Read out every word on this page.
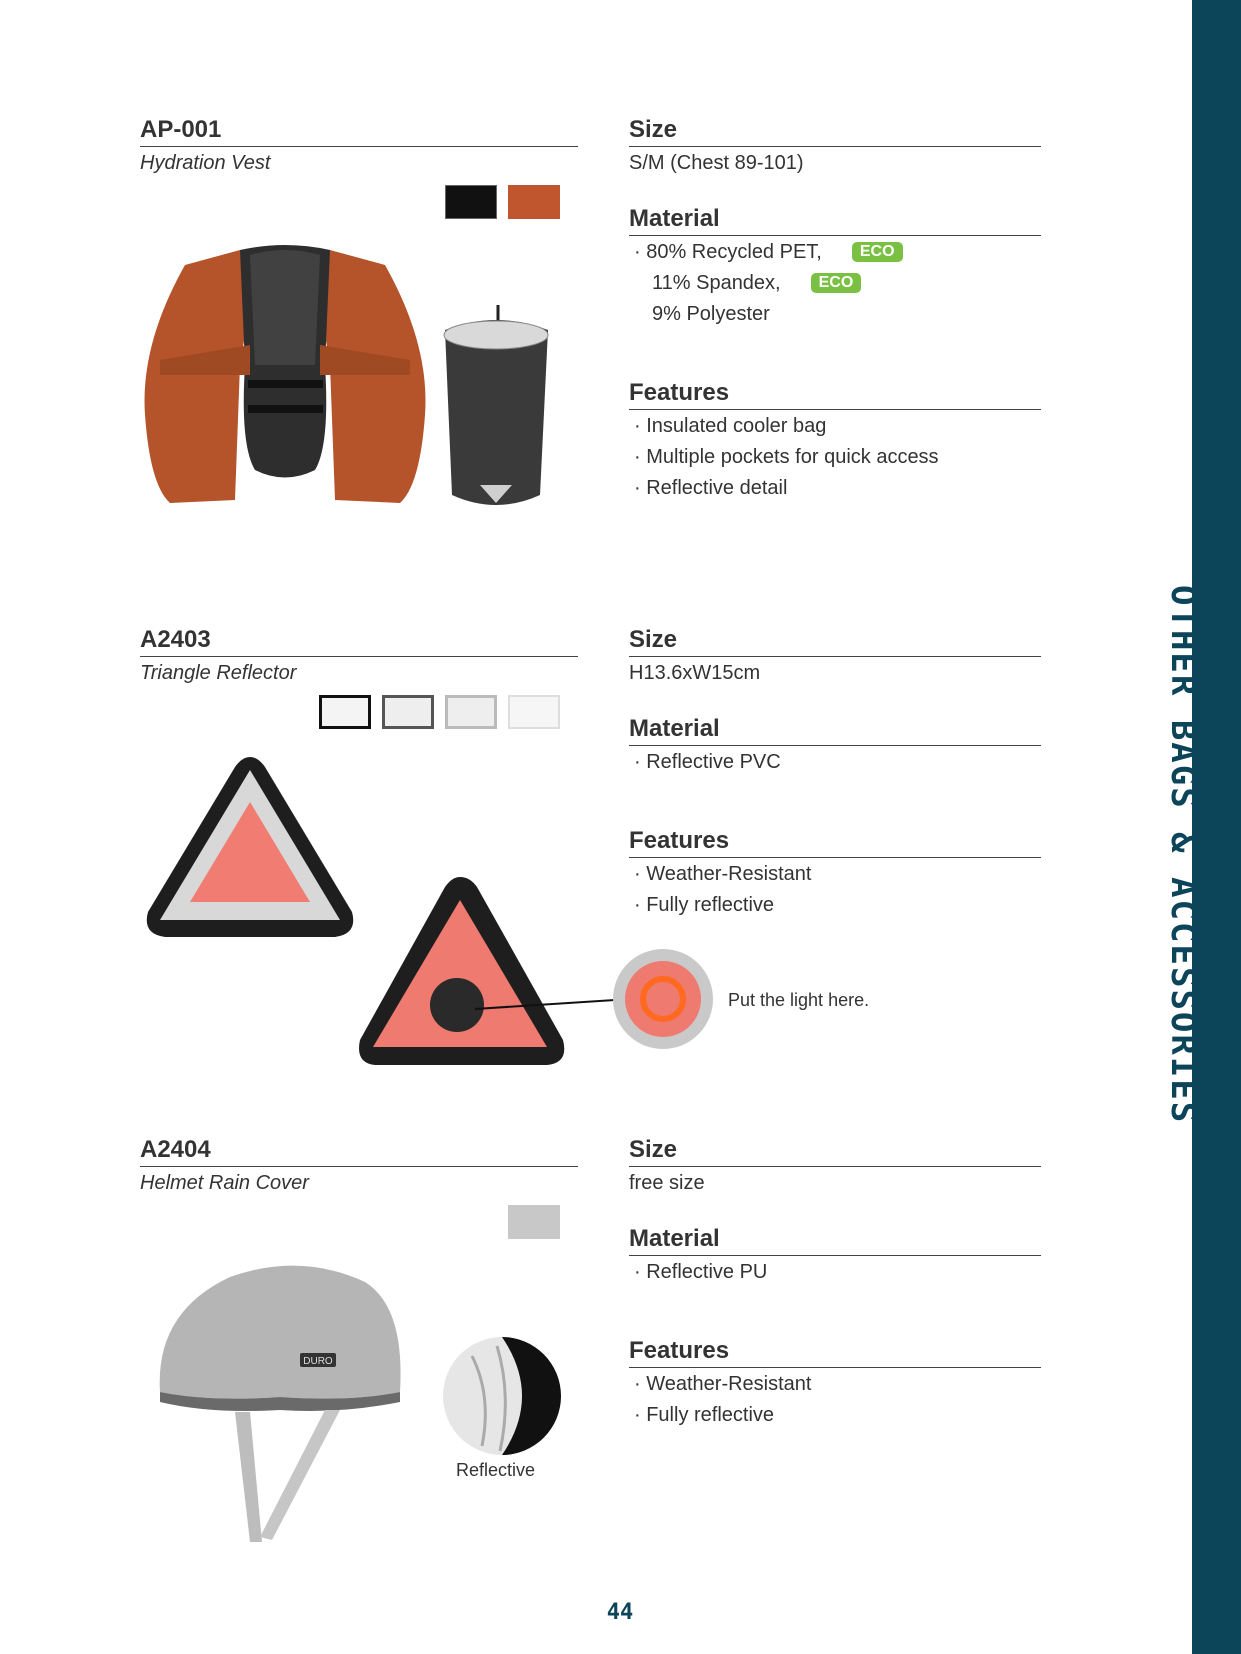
OTHER BAGS & ACCESSORIES
AP-001
Hydration Vest
Size
S/M (Chest 89-101)
Material
· 80% Recycled PET, ECO
11% Spandex, ECO
9% Polyester
Features
· Insulated cooler bag
· Multiple pockets for quick access
· Reflective detail
A2403
Triangle Reflector
Size
H13.6xW15cm
Material
· Reflective PVC
Features
· Weather-Resistant
· Fully reflective
Put the light here.
A2404
Helmet Rain Cover
Size
free size
Material
· Reflective PU
Features
· Weather-Resistant
· Fully reflective
DURO
Reflective
44
